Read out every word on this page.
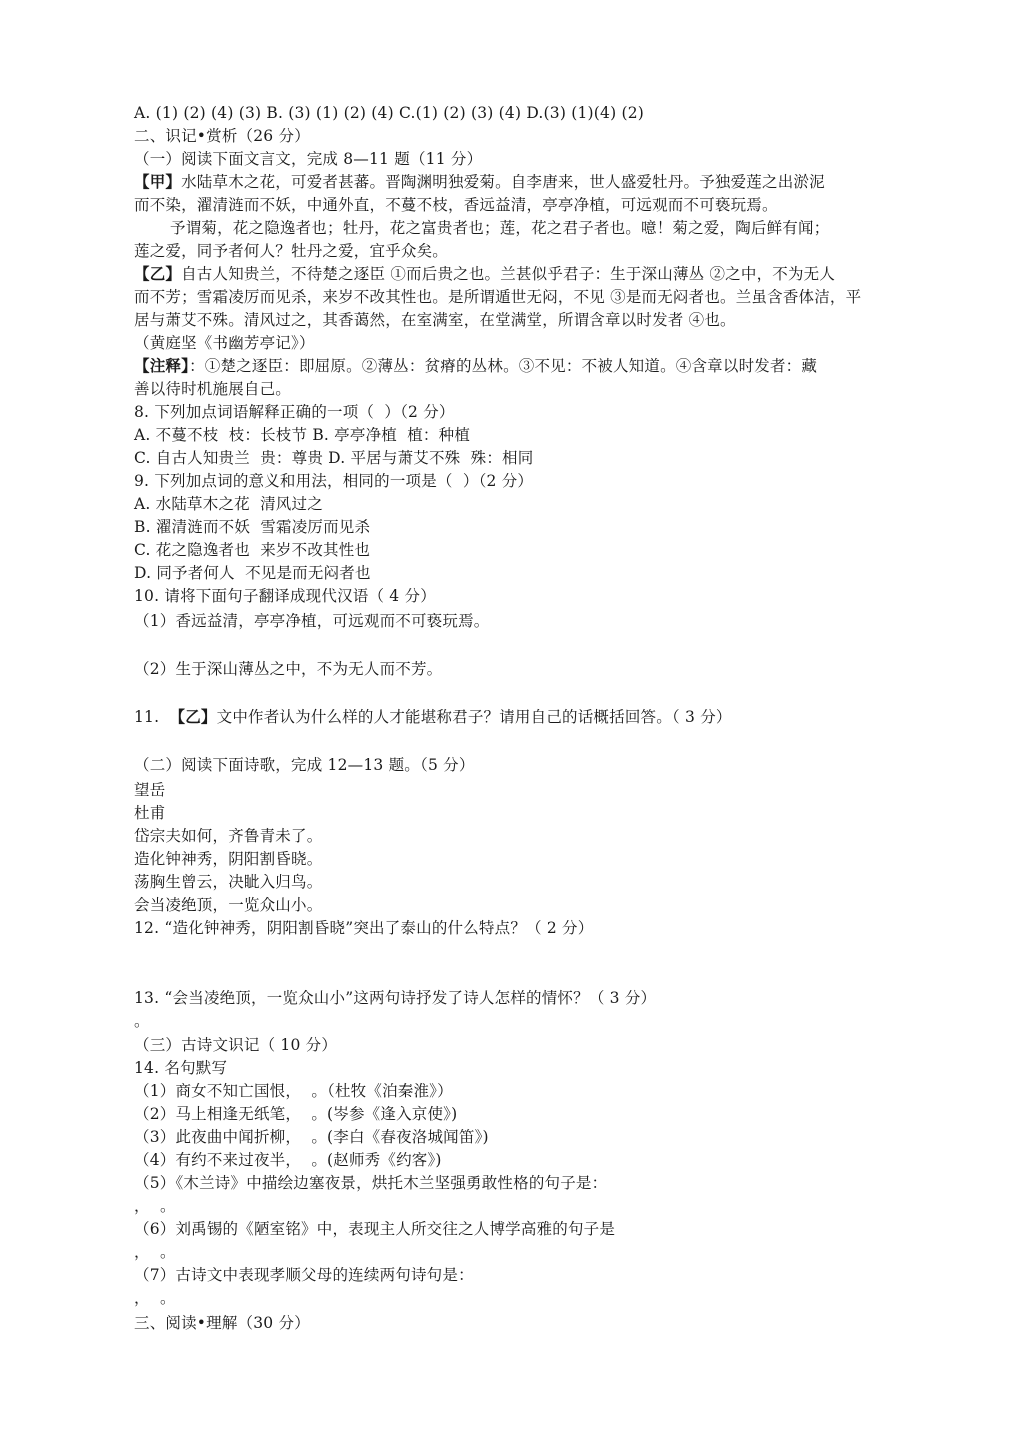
A. (1) (2) (4) (3) B. (3) (1) (2) (4) C.(1) (2) (3) (4) D.(3) (1)(4) (2)
二、识记•赏析（26 分）
（一）阅读下面文言文，完成 8—11 题（11 分）
【甲】水陆草木之花，可爱者甚蕃。晋陶渊明独爱菊。自李唐来，世人盛爱牡丹。予独爱莲之出淤泥
而不染，濯清涟而不妖，中通外直，不蔓不枝，香远益清，亭亭净植，可远观而不可亵玩焉。
予谓菊，花之隐逸者也；牡丹，花之富贵者也；莲，花之君子者也。噫！菊之爱，陶后鲜有闻；
莲之爱，同予者何人？牡丹之爱，宜乎众矣。
【乙】自古人知贵兰，不待楚之逐臣 ①而后贵之也。兰甚似乎君子：生于深山薄丛 ②之中，不为无人
而不芳；雪霜凌厉而见杀，来岁不改其性也。是所谓遁世无闷，不见 ③是而无闷者也。兰虽含香体洁，平
居与萧艾不殊。清风过之，其香蔼然，在室满室，在堂满堂，所谓含章以时发者 ④也。
（黄庭坚《书幽芳亭记》）
【注释】：①楚之逐臣：即屈原。②薄丛：贫瘠的丛林。③不见：不被人知道。④含章以时发者：藏
善以待时机施展自己。
8. 下列加点词语解释正确的一项（  ）（2 分）
A. 不蔓不枝  枝：长枝节 B. 亭亭净植  植：种植
C. 自古人知贵兰  贵：尊贵 D. 平居与萧艾不殊  殊：相同
9. 下列加点词的意义和用法，相同的一项是（  ）（2 分）
A. 水陆草木之花  清风过之
B. 濯清涟而不妖  雪霜凌厉而见杀
C. 花之隐逸者也  来岁不改其性也
D. 同予者何人  不见是而无闷者也
10. 请将下面句子翻译成现代汉语（ 4 分）
（1）香远益清，亭亭净植，可远观而不可亵玩焉。
（2）生于深山薄丛之中，不为无人而不芳。
11.  【乙】文中作者认为什么样的人才能堪称君子？请用自己的话概括回答。（ 3 分）
（二）阅读下面诗歌，完成 12—13 题。（5 分）
望岳
杜甫
岱宗夫如何，齐鲁青未了。
造化钟神秀，阴阳割昏晓。
荡胸生曾云，决眦入归鸟。
会当凌绝顶，一览众山小。
12. “造化钟神秀，阴阳割昏晓”突出了泰山的什么特点？（ 2 分）
13. “会当凌绝顶，一览众山小”这两句诗抒发了诗人怎样的情怀？（ 3 分）
。
（三）古诗文识记（ 10 分）
14. 名句默写
（1）商女不知亡国恨，  。（杜牧《泊秦淮》）
（2）马上相逢无纸笔，  。(岑参《逢入京使》)
（3）此夜曲中闻折柳，  。(李白《春夜洛城闻笛》)
（4）有约不来过夜半，  。(赵师秀《约客》)
（5）《木兰诗》中描绘边塞夜景，烘托木兰坚强勇敢性格的句子是：
，  。
（6）刘禹锡的《陋室铭》中，表现主人所交往之人博学高雅的句子是
，  。
（7）古诗文中表现孝顺父母的连续两句诗句是：
，  。
三、阅读•理解（30 分）
